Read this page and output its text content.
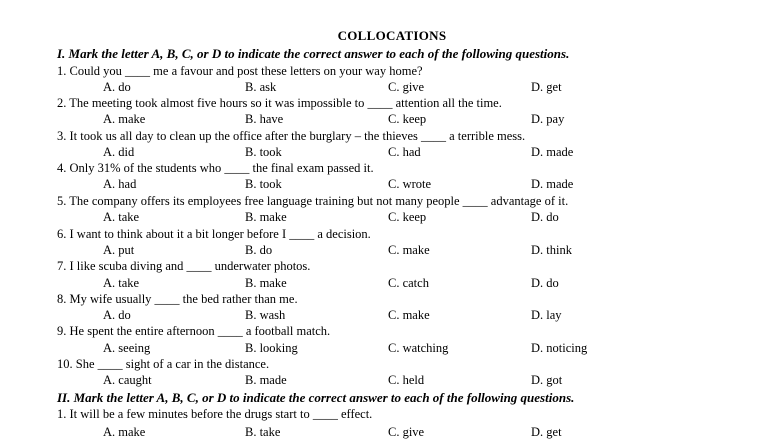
COLLOCATIONS
I. Mark the letter A, B, C, or D to indicate the correct answer to each of the following questions.
1. Could you ____ me a favour and post these letters on your way home?
A. do	B. ask	C. give	D. get
2. The meeting took almost five hours so it was impossible to ____ attention all the time.
A. make	B. have	C. keep	D. pay
3. It took us all day to clean up the office after the burglary – the thieves ____ a terrible mess.
A. did	B. took	C. had	D. made
4. Only 31% of the students who ____ the final exam passed it.
A. had	B. took	C. wrote	D. made
5. The company offers its employees free language training but not many people ____ advantage of it.
A. take	B. make	C. keep	D. do
6. I want to think about it a bit longer before I ____ a decision.
A. put	B. do	C. make	D. think
7. I like scuba diving and ____ underwater photos.
A. take	B. make	C. catch	D. do
8. My wife usually ____ the bed rather than me.
A. do	B. wash	C. make	D. lay
9. He spent the entire afternoon ____ a football match.
A. seeing	B. looking	C. watching	D. noticing
10. She ____ sight of a car in the distance.
A. caught	B. made	C. held	D. got
II. Mark the letter A, B, C, or D to indicate the correct answer to each of the following questions.
1. It will be a few minutes before the drugs start to ____ effect.
A. make	B. take	C. give	D. get
